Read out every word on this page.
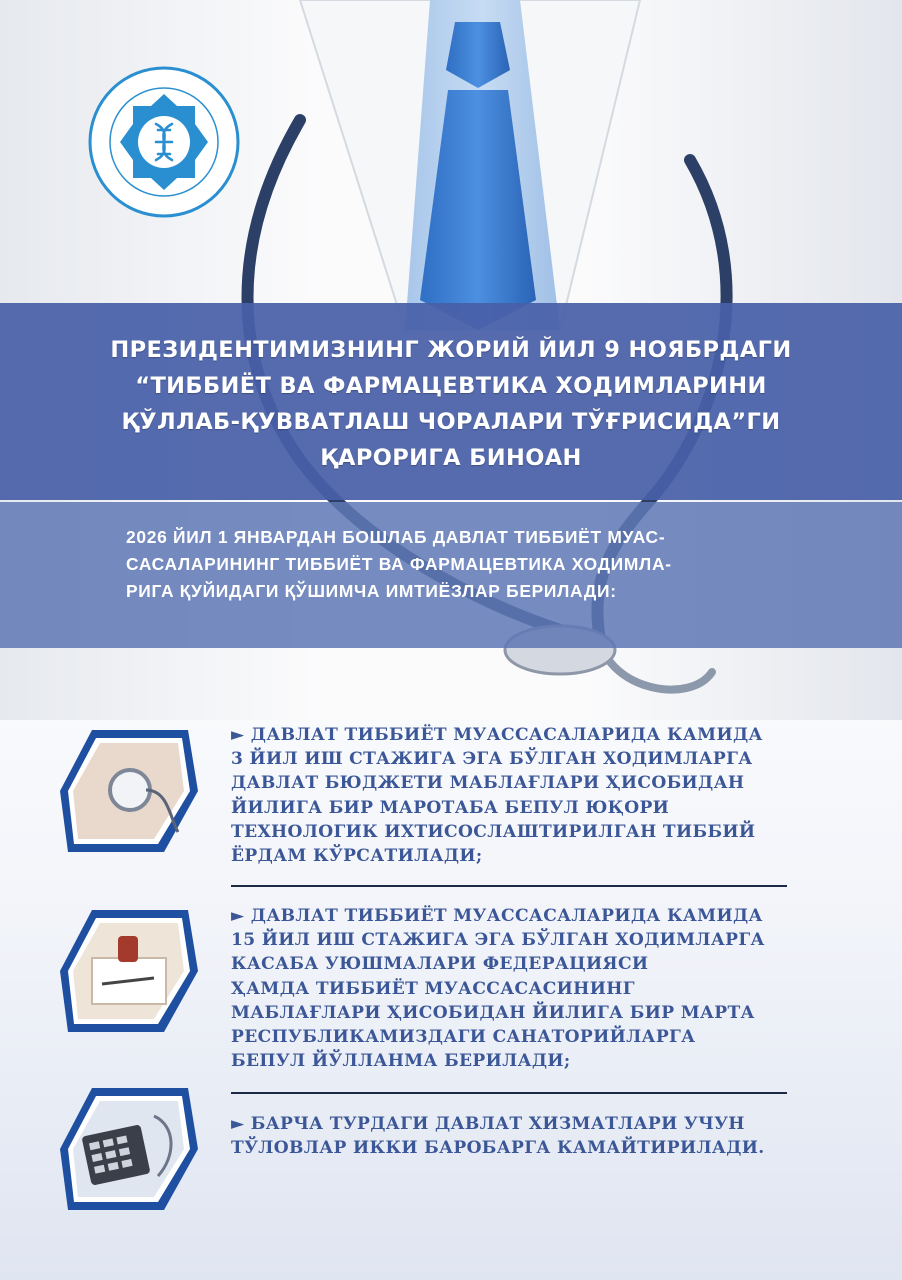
ПРЕЗИДЕНТИМИЗНИНГ ЖОРИЙ ЙИЛ 9 НОЯБРДАГИ
“ТИББИЁТ ВА ФАРМАЦЕВТИКА ХОДИМЛАРИНИ
ҚЎЛЛАБ-ҚУВВАТЛАШ ЧОРАЛАРИ ТЎҒРИСИДА”ГИ
ҚАРОРИГА БИНОАН
2026 ЙИЛ 1 ЯНВАРДАН БОШЛАБ ДАВЛАТ ТИББИЁТ МУАС-
САСАЛАРИНИНГ ТИББИЁТ ВА ФАРМАЦЕВТИКА ХОДИМЛА-
РИГА ҚУЙИДАГИ ҚЎШИМЧА ИМТИЁЗЛАР БЕРИЛАДИ:
► ДАВЛАТ ТИББИЁТ МУАССАСАЛАРИДА КАМИДА
3 ЙИЛ ИШ СТАЖИГА ЭГА БЎЛГАН ХОДИМЛАРГА
ДАВЛАТ БЮДЖЕТИ МАБЛАҒЛАРИ ҲИСОБИДАН
ЙИЛИГА БИР МАРОТАБА БЕПУЛ ЮҚОРИ
ТЕХНОЛОГИК ИХТИСОСЛАШТИРИЛГАН ТИББИЙ
ЁРДАМ КЎРСАТИЛАДИ;
► ДАВЛАТ ТИББИЁТ МУАССАСАЛАРИДА КАМИДА
15 ЙИЛ ИШ СТАЖИГА ЭГА БЎЛГАН ХОДИМЛАРГА
КАСАБА УЮШМАЛАРИ ФЕДЕРАЦИЯСИ
ҲАМДА ТИББИЁТ МУАССАСАСИНИНГ
МАБЛАҒЛАРИ ҲИСОБИДАН ЙИЛИГА БИР МАРТА
РЕСПУБЛИКАМИЗДАГИ САНАТОРИЙЛАРГА
БЕПУЛ ЙЎЛЛАНМА БЕРИЛАДИ;
► БАРЧА ТУРДАГИ ДАВЛАТ ХИЗМАТЛАРИ УЧУН
ТЎЛОВЛАР ИККИ БАРОБАРГА КАМАЙТИРИЛАДИ.
